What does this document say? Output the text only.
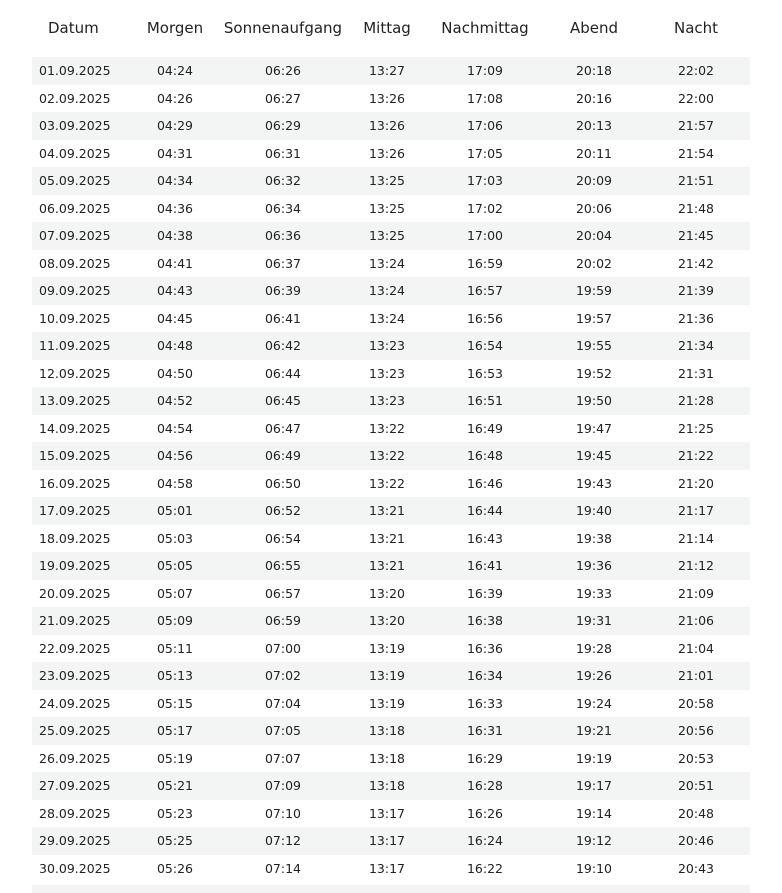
Datum	Morgen	Sonnenaufgang	Mittag	Nachmittag	Abend	Nacht
01.09.2025	04:24	06:26	13:27	17:09	20:18	22:02
02.09.2025	04:26	06:27	13:26	17:08	20:16	22:00
03.09.2025	04:29	06:29	13:26	17:06	20:13	21:57
04.09.2025	04:31	06:31	13:26	17:05	20:11	21:54
05.09.2025	04:34	06:32	13:25	17:03	20:09	21:51
06.09.2025	04:36	06:34	13:25	17:02	20:06	21:48
07.09.2025	04:38	06:36	13:25	17:00	20:04	21:45
08.09.2025	04:41	06:37	13:24	16:59	20:02	21:42
09.09.2025	04:43	06:39	13:24	16:57	19:59	21:39
10.09.2025	04:45	06:41	13:24	16:56	19:57	21:36
11.09.2025	04:48	06:42	13:23	16:54	19:55	21:34
12.09.2025	04:50	06:44	13:23	16:53	19:52	21:31
13.09.2025	04:52	06:45	13:23	16:51	19:50	21:28
14.09.2025	04:54	06:47	13:22	16:49	19:47	21:25
15.09.2025	04:56	06:49	13:22	16:48	19:45	21:22
16.09.2025	04:58	06:50	13:22	16:46	19:43	21:20
17.09.2025	05:01	06:52	13:21	16:44	19:40	21:17
18.09.2025	05:03	06:54	13:21	16:43	19:38	21:14
19.09.2025	05:05	06:55	13:21	16:41	19:36	21:12
20.09.2025	05:07	06:57	13:20	16:39	19:33	21:09
21.09.2025	05:09	06:59	13:20	16:38	19:31	21:06
22.09.2025	05:11	07:00	13:19	16:36	19:28	21:04
23.09.2025	05:13	07:02	13:19	16:34	19:26	21:01
24.09.2025	05:15	07:04	13:19	16:33	19:24	20:58
25.09.2025	05:17	07:05	13:18	16:31	19:21	20:56
26.09.2025	05:19	07:07	13:18	16:29	19:19	20:53
27.09.2025	05:21	07:09	13:18	16:28	19:17	20:51
28.09.2025	05:23	07:10	13:17	16:26	19:14	20:48
29.09.2025	05:25	07:12	13:17	16:24	19:12	20:46
30.09.2025	05:26	07:14	13:17	16:22	19:10	20:43
